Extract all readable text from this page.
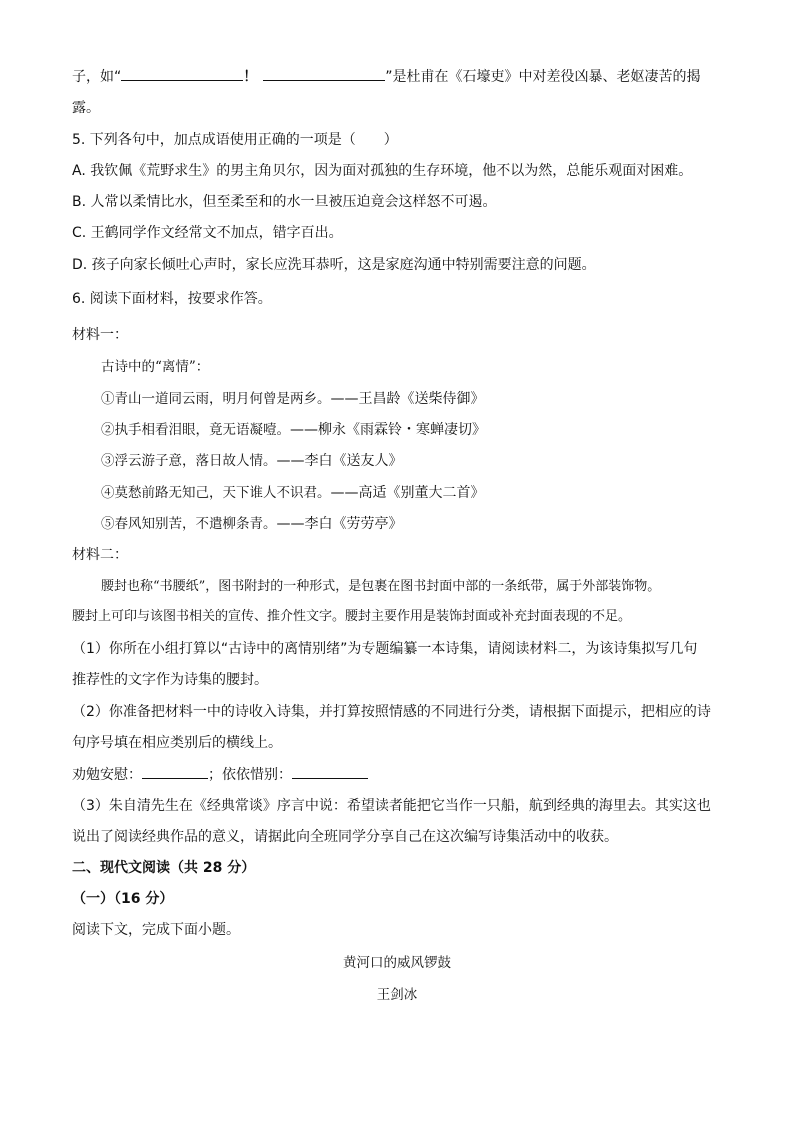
子，如“	！	”是杜甫在《石壕吏》中对差役凶暴、老妪凄苦的揭
露。
5. 下列各句中，加点成语使用正确的一项是（　　）
A. 我钦佩《荒野求生》的男主角贝尔，因为面对孤独的生存环境，他不以为然，总能乐观面对困难。
B. 人常以柔情比水，但至柔至和的水一旦被压迫竟会这样怒不可遏。
C. 王鹤同学作文经常文不加点，错字百出。
D. 孩子向家长倾吐心声时，家长应洗耳恭听，这是家庭沟通中特别需要注意的问题。
6. 阅读下面材料，按要求作答。
材料一：
古诗中的“离情”：
①青山一道同云雨，明月何曾是两乡。——王昌龄《送柴侍御》
②执手相看泪眼，竟无语凝噎。——柳永《雨霖铃・寒蝉凄切》
③浮云游子意，落日故人情。——李白《送友人》
④莫愁前路无知己，天下谁人不识君。——高适《别董大二首》
⑤春风知别苦，不遣柳条青。——李白《劳劳亭》
材料二：
腰封也称“书腰纸”，图书附封的一种形式，是包裹在图书封面中部的一条纸带，属于外部装饰物。
腰封上可印与该图书相关的宣传、推介性文字。腰封主要作用是装饰封面或补充封面表现的不足。
（1）你所在小组打算以“古诗中的离情别绪”为专题编纂一本诗集，请阅读材料二，为该诗集拟写几句
推荐性的文字作为诗集的腰封。
（2）你准备把材料一中的诗收入诗集，并打算按照情感的不同进行分类，请根据下面提示，把相应的诗
句序号填在相应类别后的横线上。
劝勉安慰：	；依依惜别：
（3）朱自清先生在《经典常谈》序言中说：希望读者能把它当作一只船，航到经典的海里去。其实这也
说出了阅读经典作品的意义，请据此向全班同学分享自己在这次编写诗集活动中的收获。
二、现代文阅读（共 28 分）
（一）（16 分）
阅读下文，完成下面小题。
黄河口的威风锣鼓
王剑冰
